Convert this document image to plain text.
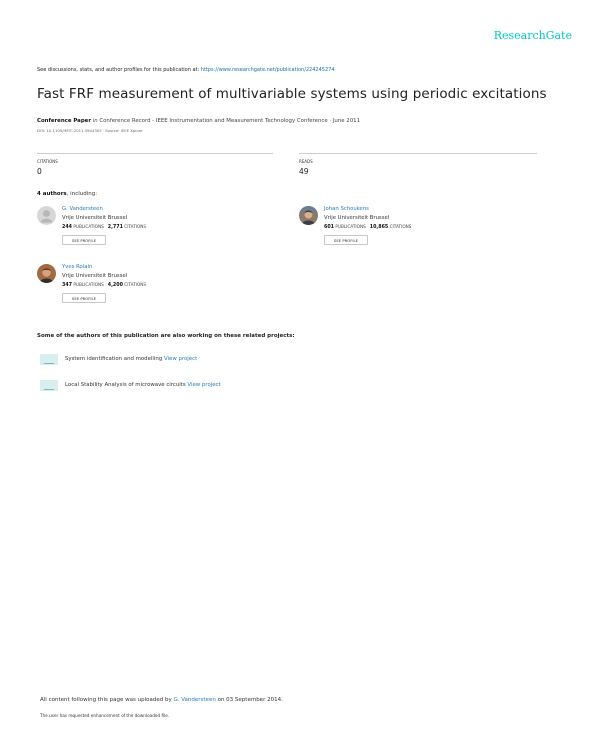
ResearchGate
See discussions, stats, and author profiles for this publication at: https://www.researchgate.net/publication/224245274
Fast FRF measurement of multivariable systems using periodic excitations
Conference Paper in Conference Record - IEEE Instrumentation and Measurement Technology Conference · June 2011
DOI: 10.1109/IMTC.2011.5944305 · Source: IEEE Xplore
CITATIONS
0
READS
49
4 authors, including:
G. Vandersteen
Vrije Universiteit Brussel
244 PUBLICATIONS 2,771 CITATIONS
SEE PROFILE
Johan Schoukens
Vrije Universiteit Brussel
601 PUBLICATIONS 10,865 CITATIONS
SEE PROFILE
Yves Rolain
Vrije Universiteit Brussel
347 PUBLICATIONS 4,200 CITATIONS
SEE PROFILE
Some of the authors of this publication are also working on these related projects:
System identification and modelling View project
Local Stability Analysis of microwave circuits View project
All content following this page was uploaded by G. Vandersteen on 03 September 2014.
The user has requested enhancement of the downloaded file.
